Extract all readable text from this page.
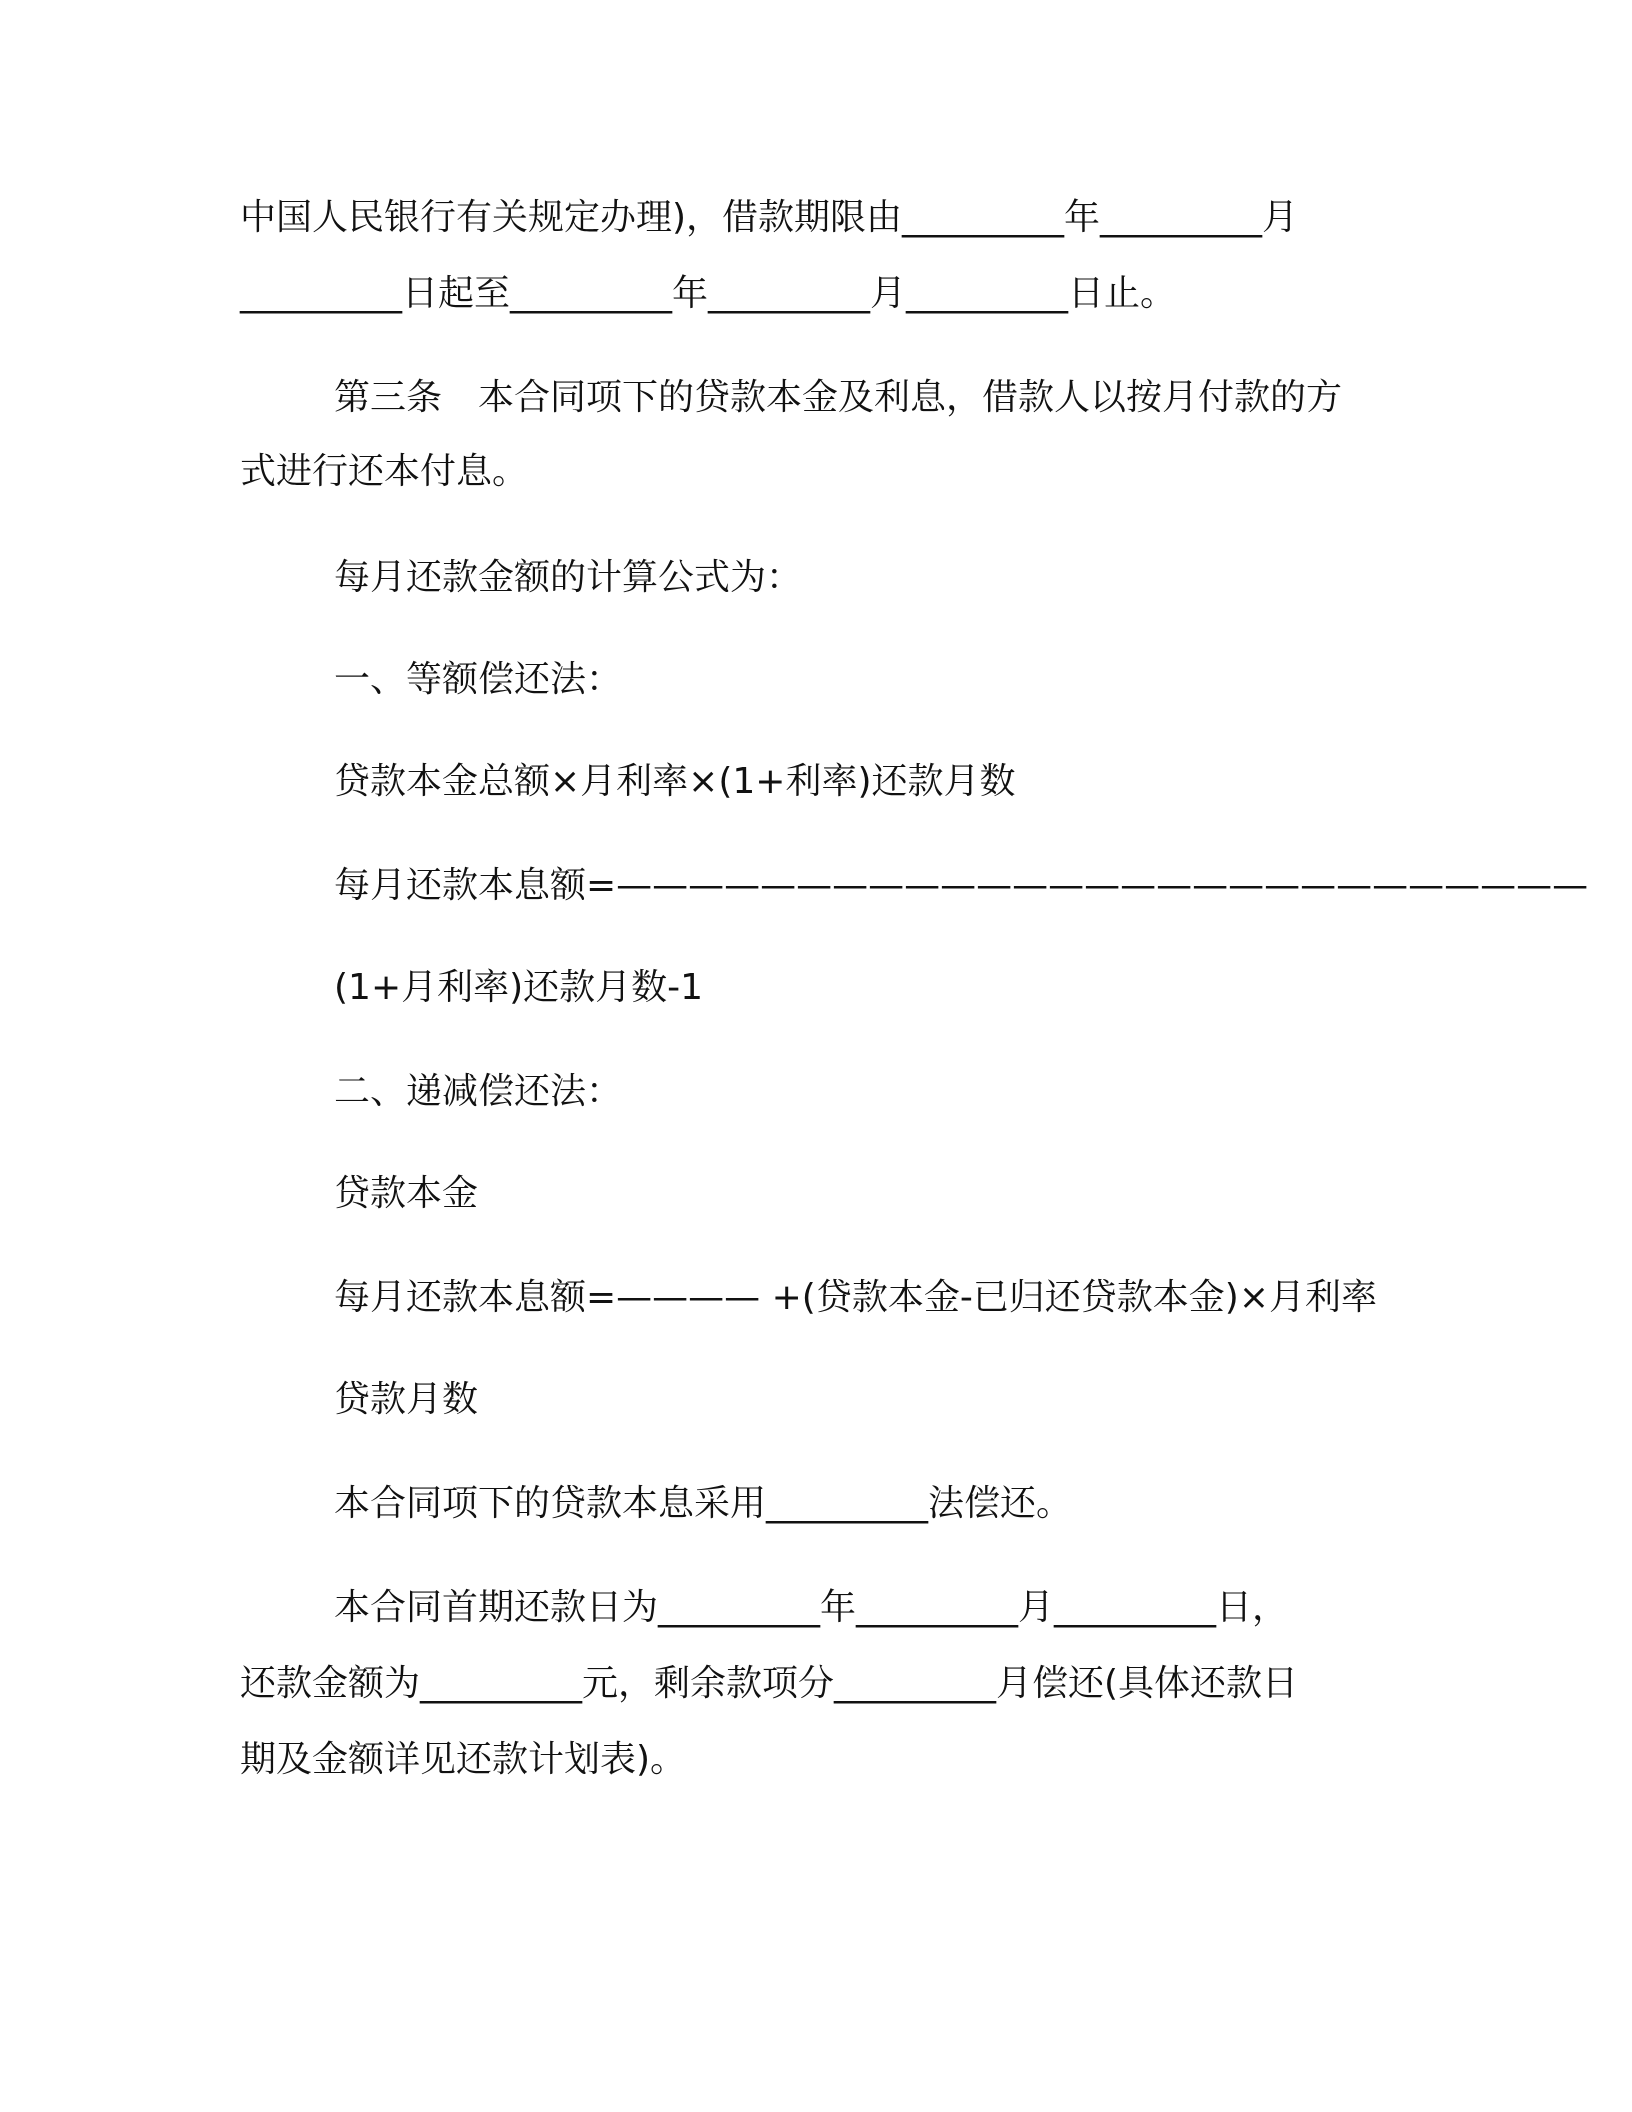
中国人民银行有关规定办理)，借款期限由_________年_________月
_________日起至_________年_________月_________日止。
第三条　本合同项下的贷款本金及利息，借款人以按月付款的方
式进行还本付息。
每月还款金额的计算公式为：
一、等额偿还法：
贷款本金总额×月利率×(1+利率)还款月数
每月还款本息额=———————————————————————————
(1+月利率)还款月数-1
二、递减偿还法：
贷款本金
每月还款本息额=———— +(贷款本金-已归还贷款本金)×月利率
贷款月数
本合同项下的贷款本息采用_________法偿还。
本合同首期还款日为_________年_________月_________日，
还款金额为_________元，剩余款项分_________月偿还(具体还款日
期及金额详见还款计划表)。
